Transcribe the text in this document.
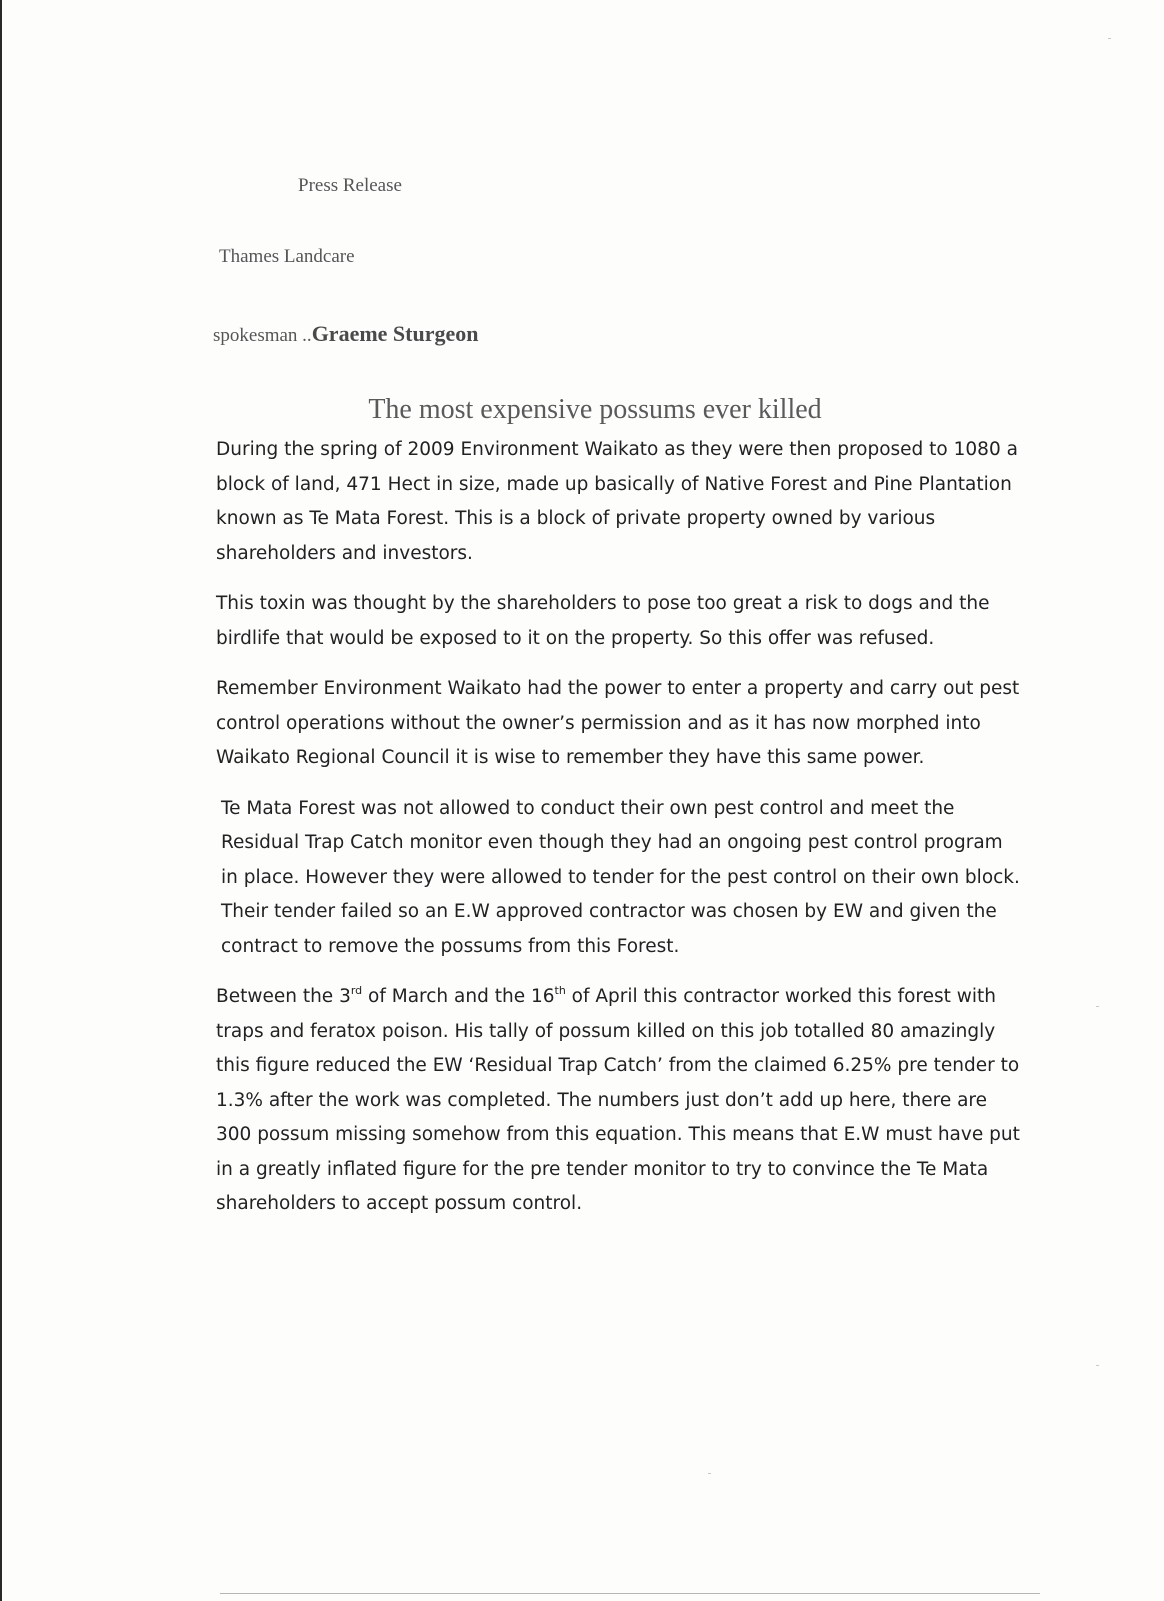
Press Release
Thames Landcare
spokesman ..Graeme Sturgeon
The most expensive possums ever killed

During the spring of 2009 Environment Waikato as they were then proposed to 1080 a block of land, 471 Hect in size, made up basically of Native Forest and Pine Plantation known as Te Mata Forest. This is a block of private property owned by various shareholders and investors.

This toxin was thought by the shareholders to pose too great a risk to dogs and the birdlife that would be exposed to it on the property. So this offer was refused.

Remember Environment Waikato had the power to enter a property and carry out pest control operations without the owner’s permission and as it has now morphed into Waikato Regional Council it is wise to remember they have this same power.

Te Mata Forest was not allowed to conduct their own pest control and meet the Residual Trap Catch monitor even though they had an ongoing pest control program in place. However they were allowed to tender for the pest control on their own block. Their tender failed so an E.W approved contractor was chosen by EW and given the contract to remove the possums from this Forest.

Between the 3rd of March and the 16th of April this contractor worked this forest with traps and feratox poison. His tally of possum killed on this job totalled 80 amazingly this figure reduced the EW ‘Residual Trap Catch’ from the claimed 6.25% pre tender to 1.3% after the work was completed. The numbers just don’t add up here, there are 300 possum missing somehow from this equation. This means that E.W must have put in a greatly inflated figure for the pre tender monitor to try to convince the Te Mata shareholders to accept possum control.
